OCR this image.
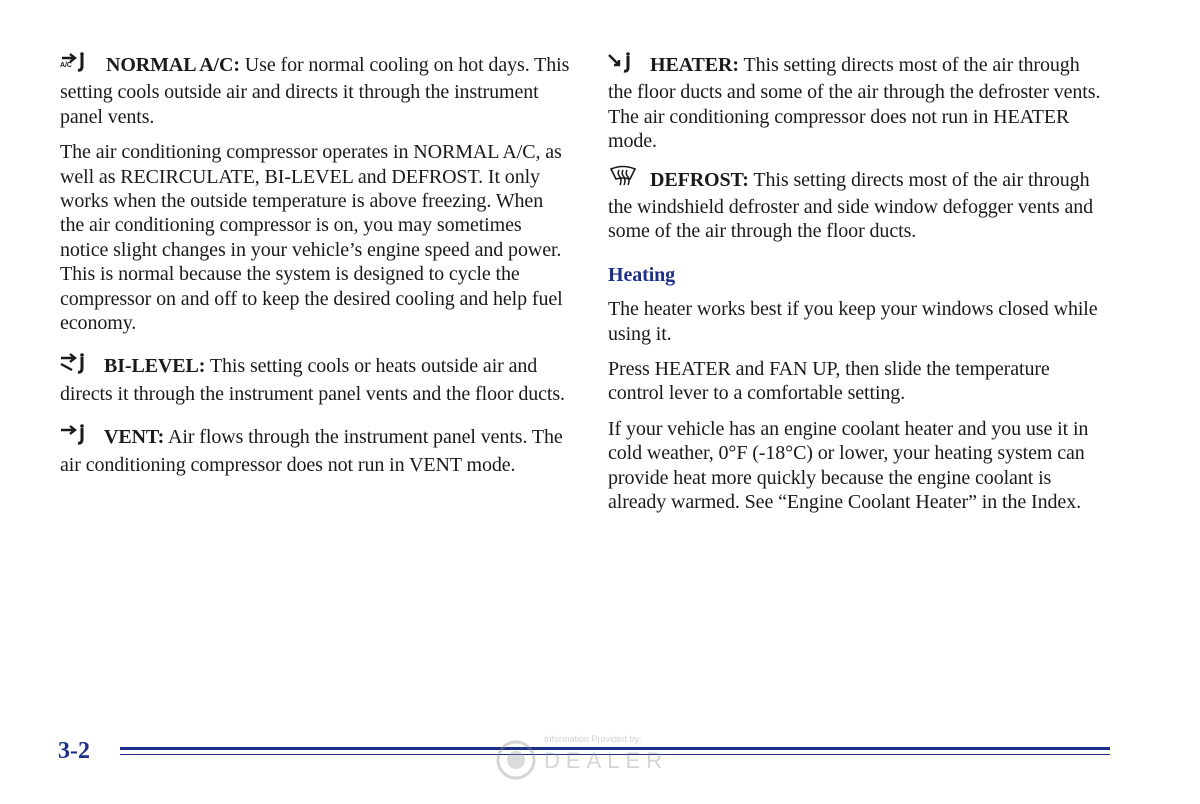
A/C NORMAL A/C: Use for normal cooling on hot days. This setting cools outside air and directs it through the instrument panel vents.

The air conditioning compressor operates in NORMAL A/C, as well as RECIRCULATE, BI-LEVEL and DEFROST. It only works when the outside temperature is above freezing. When the air conditioning compressor is on, you may sometimes notice slight changes in your vehicle’s engine speed and power. This is normal because the system is designed to cycle the compressor on and off to keep the desired cooling and help fuel economy.

BI-LEVEL: This setting cools or heats outside air and directs it through the instrument panel vents and the floor ducts.

VENT: Air flows through the instrument panel vents. The air conditioning compressor does not run in VENT mode.

HEATER: This setting directs most of the air through the floor ducts and some of the air through the defroster vents. The air conditioning compressor does not run in HEATER mode.

DEFROST: This setting directs most of the air through the windshield defroster and side window defogger vents and some of the air through the floor ducts.

Heating

The heater works best if you keep your windows closed while using it.

Press HEATER and FAN UP, then slide the temperature control lever to a comfortable setting.

If your vehicle has an engine coolant heater and you use it in cold weather, 0°F (-18°C) or lower, your heating system can provide heat more quickly because the engine coolant is already warmed. See “Engine Coolant Heater” in the Index.

3-2	Information Provided by:
DEALER
